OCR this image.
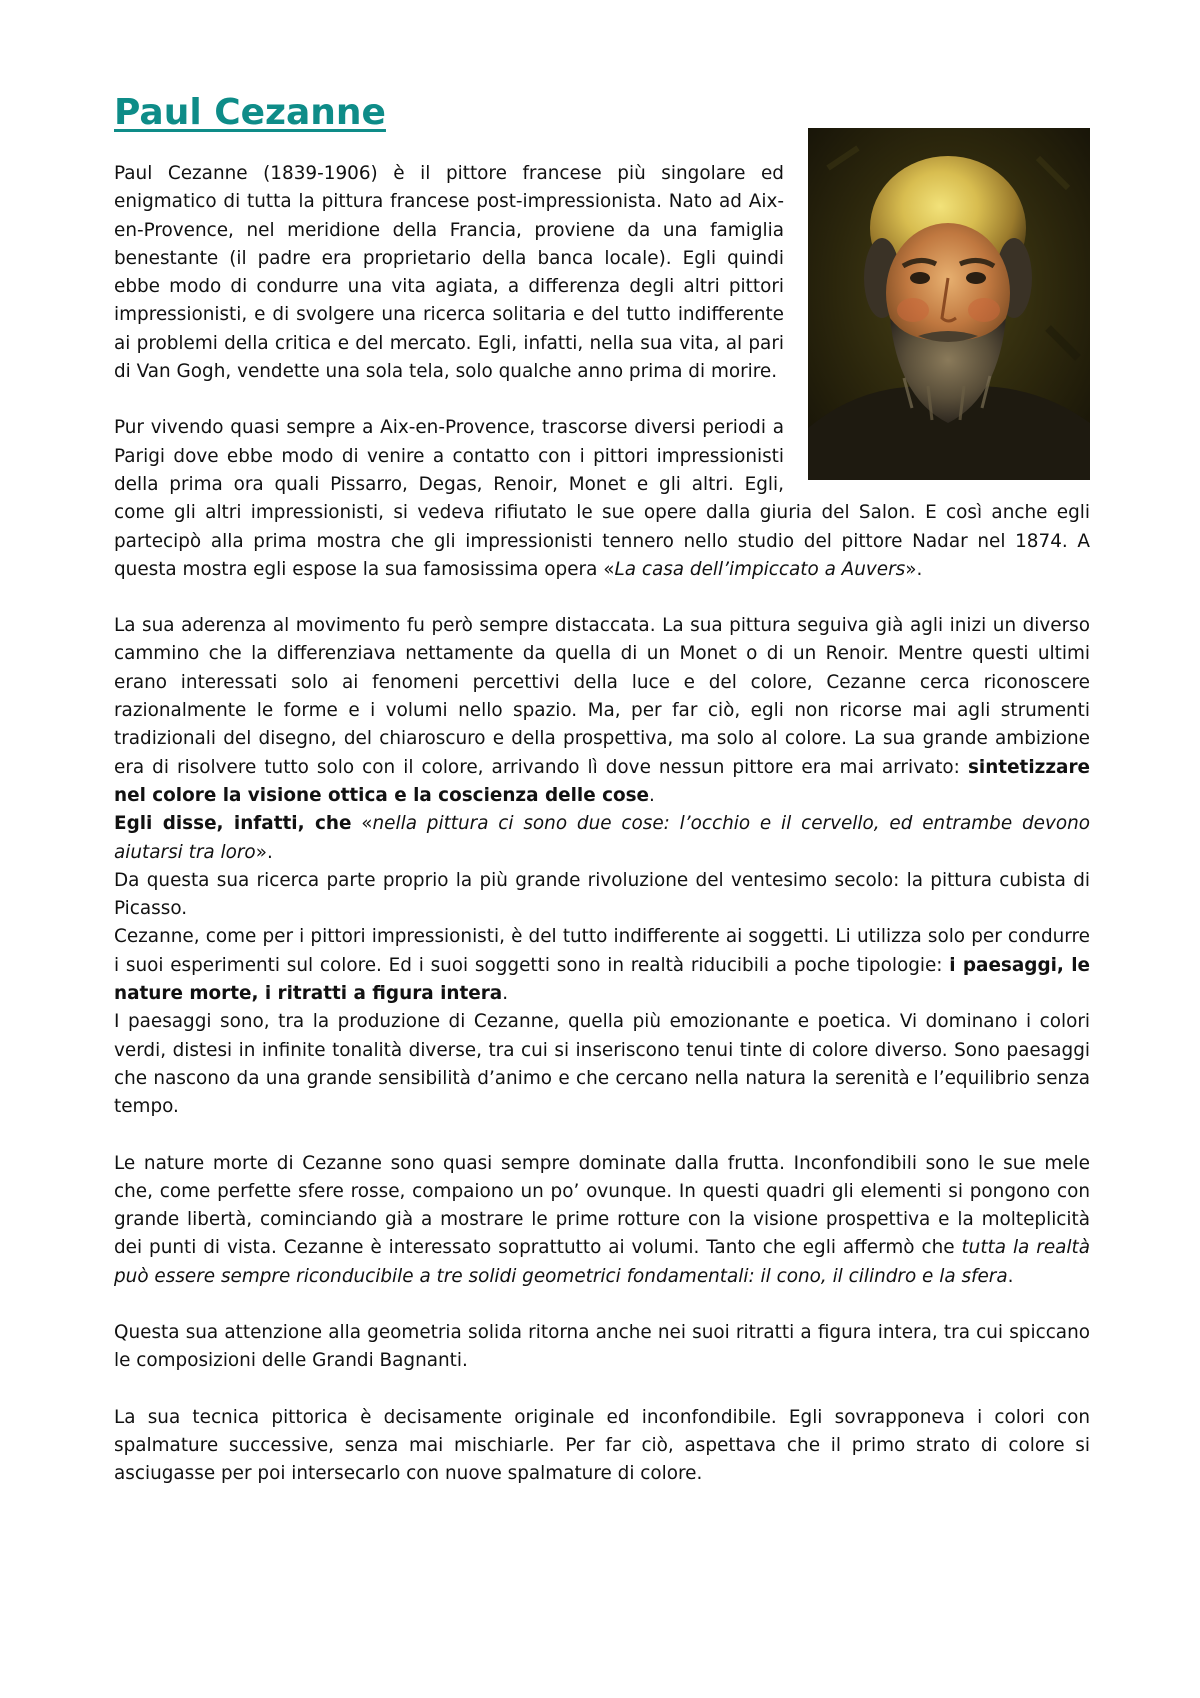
Paul Cezanne

Paul Cezanne (1839-1906) è il pittore francese più singolare ed enigmatico di tutta la pittura francese post-impressionista. Nato ad Aix-en-Provence, nel meridione della Francia, proviene da una famiglia benestante (il padre era proprietario della banca locale). Egli quindi ebbe modo di condurre una vita agiata, a differenza degli altri pittori impressionisti, e di svolgere una ricerca solitaria e del tutto indifferente ai problemi della critica e del mercato. Egli, infatti, nella sua vita, al pari di Van Gogh, vendette una sola tela, solo qualche anno prima di morire.

Pur vivendo quasi sempre a Aix-en-Provence, trascorse diversi periodi a Parigi dove ebbe modo di venire a contatto con i pittori impressionisti della prima ora quali Pissarro, Degas, Renoir, Monet e gli altri. Egli, come gli altri impressionisti, si vedeva rifiutato le sue opere dalla giuria del Salon. E così anche egli partecipò alla prima mostra che gli impressionisti tennero nello studio del pittore Nadar nel 1874. A questa mostra egli espose la sua famosissima opera «La casa dell’impiccato a Auvers».

La sua aderenza al movimento fu però sempre distaccata. La sua pittura seguiva già agli inizi un diverso cammino che la differenziava nettamente da quella di un Monet o di un Renoir. Mentre questi ultimi erano interessati solo ai fenomeni percettivi della luce e del colore, Cezanne cerca riconoscere razionalmente le forme e i volumi nello spazio. Ma, per far ciò, egli non ricorse mai agli strumenti tradizionali del disegno, del chiaroscuro e della prospettiva, ma solo al colore. La sua grande ambizione era di risolvere tutto solo con il colore, arrivando lì dove nessun pittore era mai arrivato: sintetizzare nel colore la visione ottica e la coscienza delle cose.

Egli disse, infatti, che «nella pittura ci sono due cose: l’occhio e il cervello, ed entrambe devono aiutarsi tra loro».

Da questa sua ricerca parte proprio la più grande rivoluzione del ventesimo secolo: la pittura cubista di Picasso.

Cezanne, come per i pittori impressionisti, è del tutto indifferente ai soggetti. Li utilizza solo per condurre i suoi esperimenti sul colore. Ed i suoi soggetti sono in realtà riducibili a poche tipologie: i paesaggi, le nature morte, i ritratti a figura intera.

I paesaggi sono, tra la produzione di Cezanne, quella più emozionante e poetica. Vi dominano i colori verdi, distesi in infinite tonalità diverse, tra cui si inseriscono tenui tinte di colore diverso. Sono paesaggi che nascono da una grande sensibilità d’animo e che cercano nella natura la serenità e l’equilibrio senza tempo.

Le nature morte di Cezanne sono quasi sempre dominate dalla frutta. Inconfondibili sono le sue mele che, come perfette sfere rosse, compaiono un po’ ovunque. In questi quadri gli elementi si pongono con grande libertà, cominciando già a mostrare le prime rotture con la visione prospettiva e la molteplicità dei punti di vista. Cezanne è interessato soprattutto ai volumi. Tanto che egli affermò che tutta la realtà può essere sempre riconducibile a tre solidi geometrici fondamentali: il cono, il cilindro e la sfera.

Questa sua attenzione alla geometria solida ritorna anche nei suoi ritratti a figura intera, tra cui spiccano le composizioni delle Grandi Bagnanti.

La sua tecnica pittorica è decisamente originale ed inconfondibile. Egli sovrapponeva i colori con spalmature successive, senza mai mischiarle. Per far ciò, aspettava che il primo strato di colore si asciugasse per poi intersecarlo con nuove spalmature di colore.
